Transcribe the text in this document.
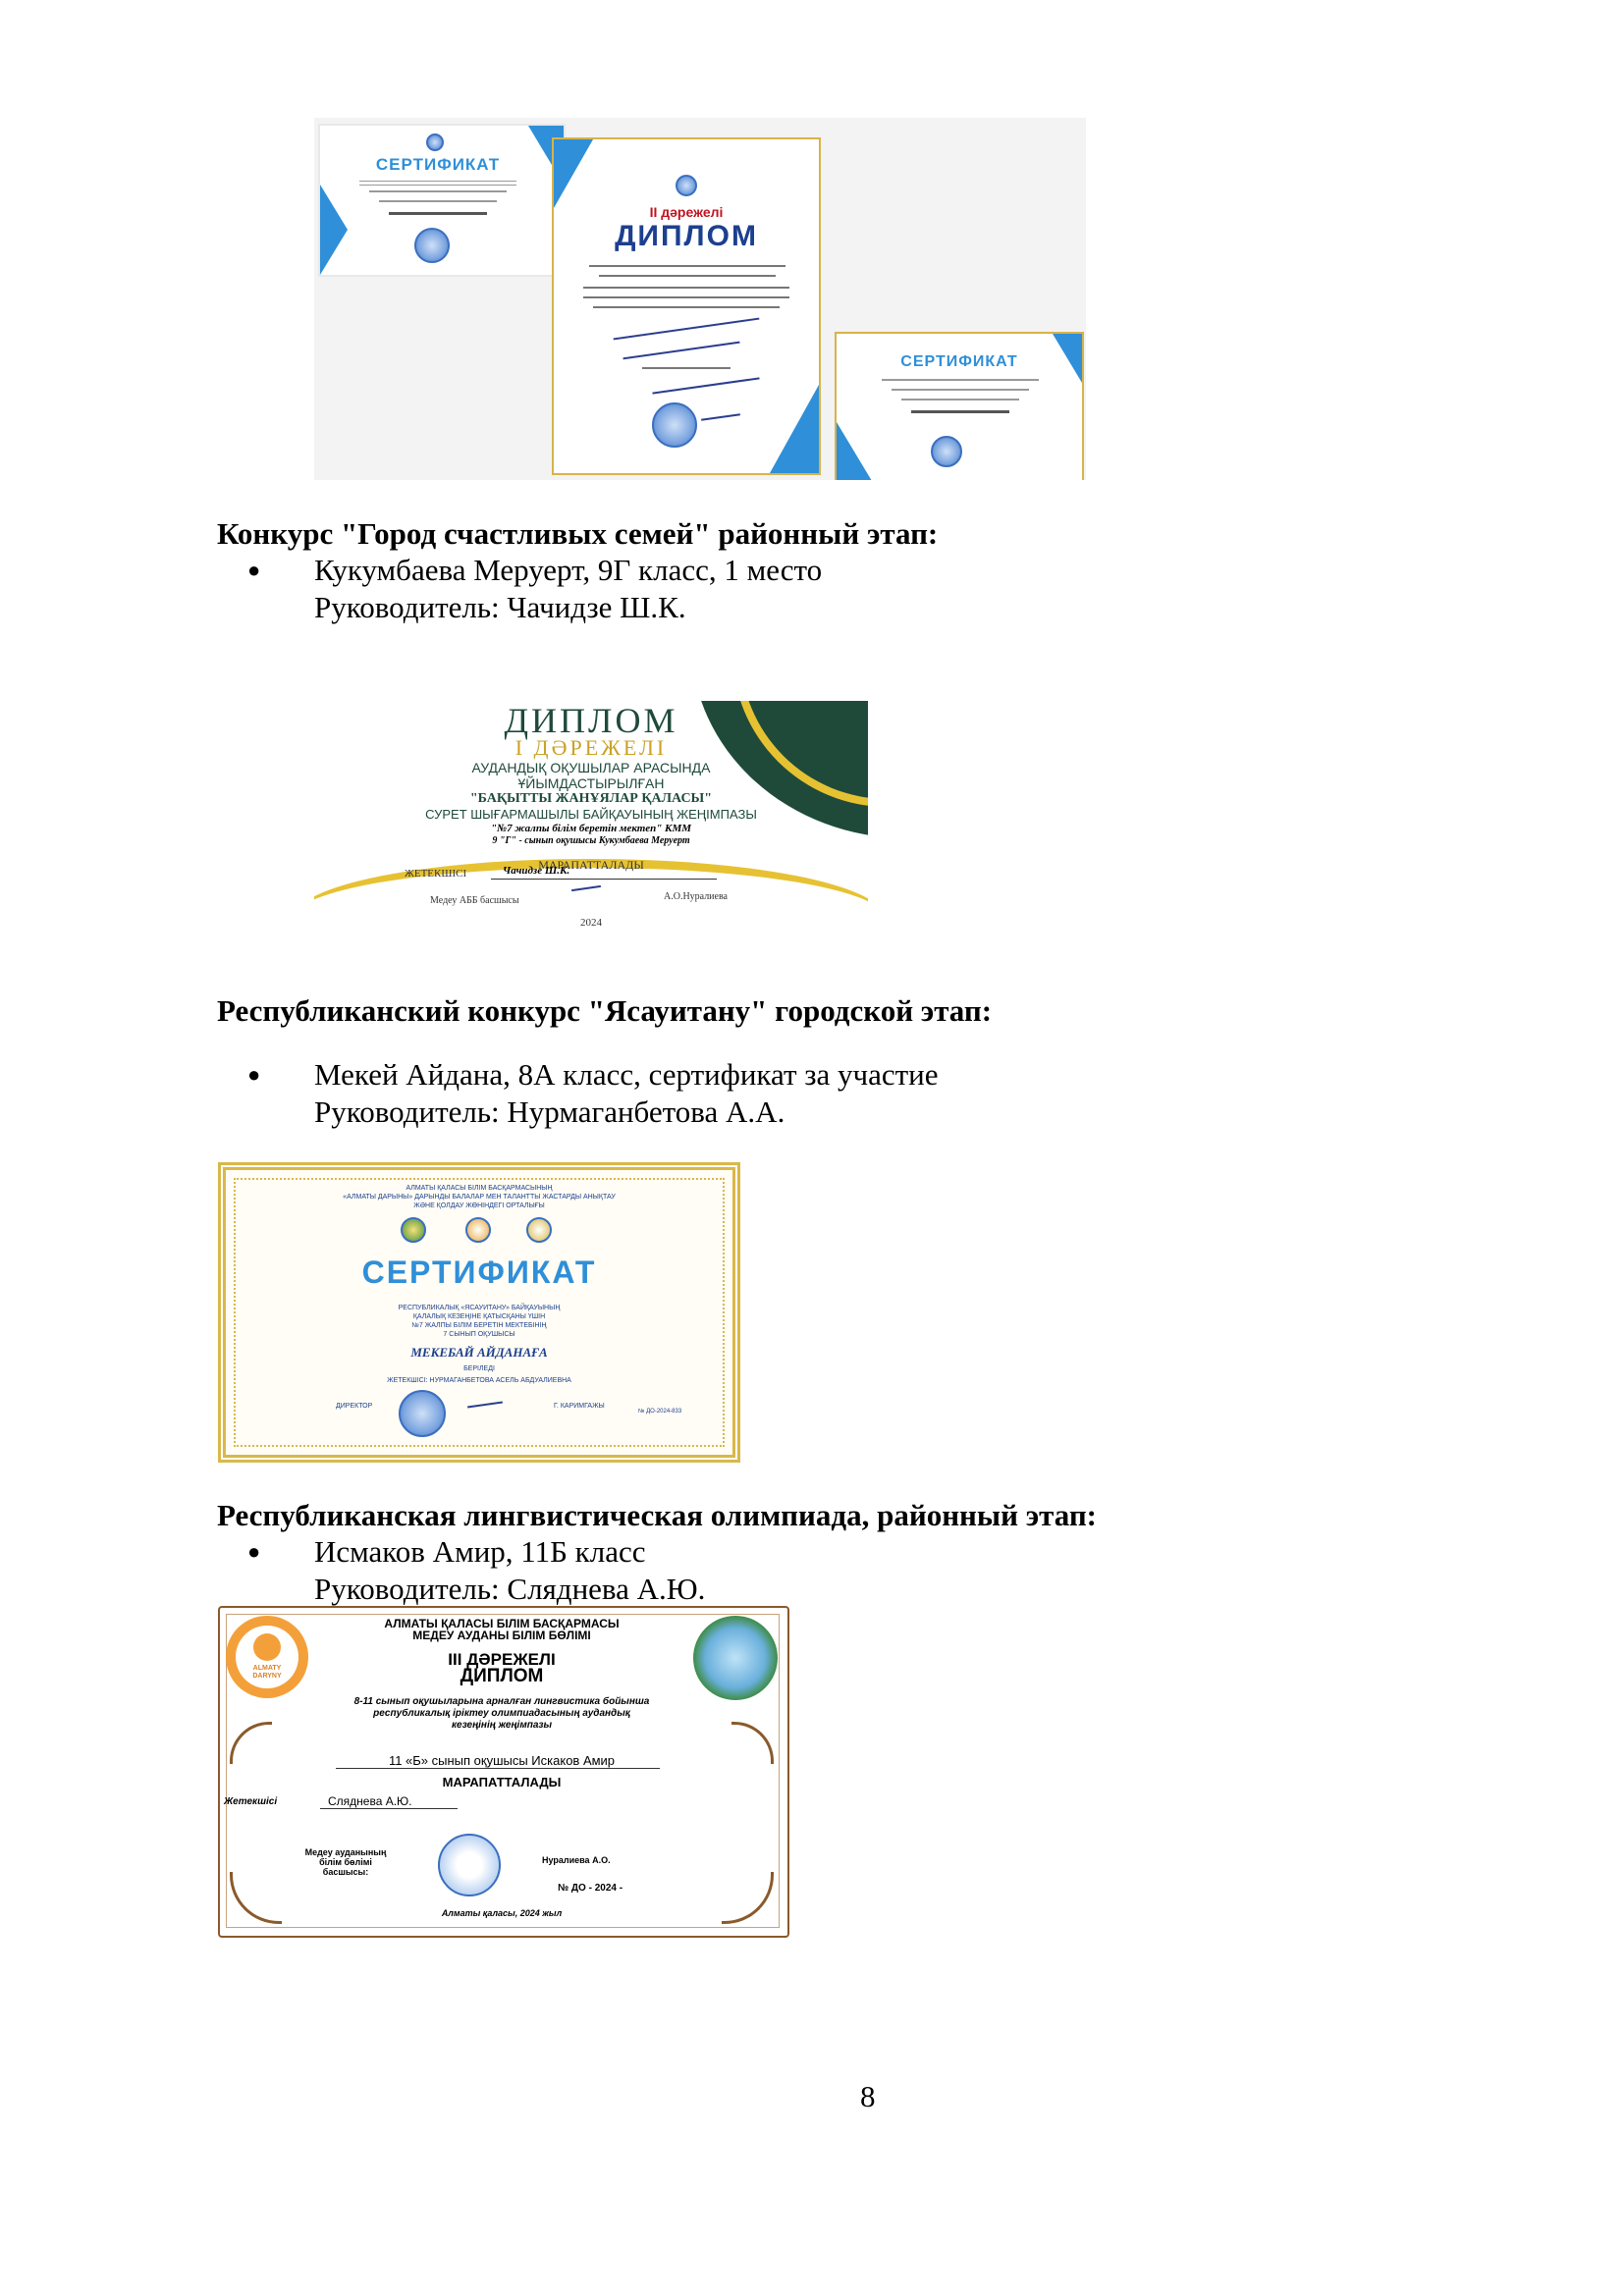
СЕРТИФИКАТ
II дәрежелі
ДИПЛОМ
СЕРТИФИКАТ
Конкурс "Город счастливых семей" районный этап:
● Кукумбаева Меруерт, 9Г класс, 1 место
Руководитель: Чачидзе Ш.К.
ДИПЛОМ
І ДӘРЕЖЕЛІ
АУДАНДЫҚ ОҚУШЫЛАР АРАСЫНДА
ҰЙЫМДАСТЫРЫЛҒАН
"БАҚЫТТЫ ЖАНҰЯЛАР ҚАЛАСЫ"
СУРЕТ ШЫҒАРМАШЫЛЫ БАЙҚАУЫНЫҢ ЖЕҢІМПАЗЫ
"№7 жалпы білім беретін мектеп" КММ
9 "Г" - сынып оқушысы Кукумбаева Меруерт
МАРАПАТТАЛАДЫ
ЖЕТЕКШІСІ	Чачидзе Ш.К.
Медеу АББ басшысы	А.О.Нуралиева
2024
Республиканский конкурс "Ясауитану" городской этап:
● Мекей Айдана, 8А класс, сертификат за участие
Руководитель: Нурмаганбетова А.А.
АЛМАТЫ ҚАЛАСЫ БІЛІМ БАСҚАРМАСЫНЫҢ
«АЛМАТЫ ДАРЫНЫ» ДАРЫНДЫ БАЛАЛАР МЕН ТАЛАНТТЫ ЖАСТАРДЫ АНЫҚТАУ
ЖӘНЕ ҚОЛДАУ ЖӨНІНДЕГІ ОРТАЛЫҒЫ
СЕРТИФИКАТ
РЕСПУБЛИКАЛЫҚ «ЯСАУИТАНУ» БАЙҚАУЫНЫҢ
ҚАЛАЛЫҚ КЕЗЕҢІНЕ ҚАТЫСҚАНЫ ҮШІН
№7 ЖАЛПЫ БІЛІМ БЕРЕТІН МЕКТЕБІНІҢ
7 СЫНЫП ОҚУШЫСЫ
МЕКЕБАЙ АЙДАНАҒА
БЕРІЛЕДІ
ЖЕТЕКШІСІ: НУРМАГАНБЕТОВА АСЕЛЬ АБДУАЛИЕВНА
ДИРЕКТОР	Г. КАРИМГАЖЫ
№ ДО-2024-833
Республиканская лингвистическая олимпиада, районный этап:
● Исмаков Амир, 11Б класс
Руководитель: Сляднева А.Ю.
ALMATY
DARYNY
АЛМАТЫ ҚАЛАСЫ БІЛІМ БАСҚАРМАСЫ
МЕДЕУ АУДАНЫ БІЛІМ БӨЛІМІ
III ДӘРЕЖЕЛІ
ДИПЛОМ
8-11 сынып оқушыларына арналған лингвистика бойынша
республикалық іріктеу олимпиадасының аудандық
кезеңінің жеңімпазы
11 «Б» сынып оқушысы Искаков Амир
МАРАПАТТАЛАДЫ
Жетекшісі	Сляднева А.Ю.
Медеу ауданының
білім бөлімі
басшысы:
Нуралиева А.О.
№ ДО - 2024 -
Алматы қаласы, 2024 жыл
8
